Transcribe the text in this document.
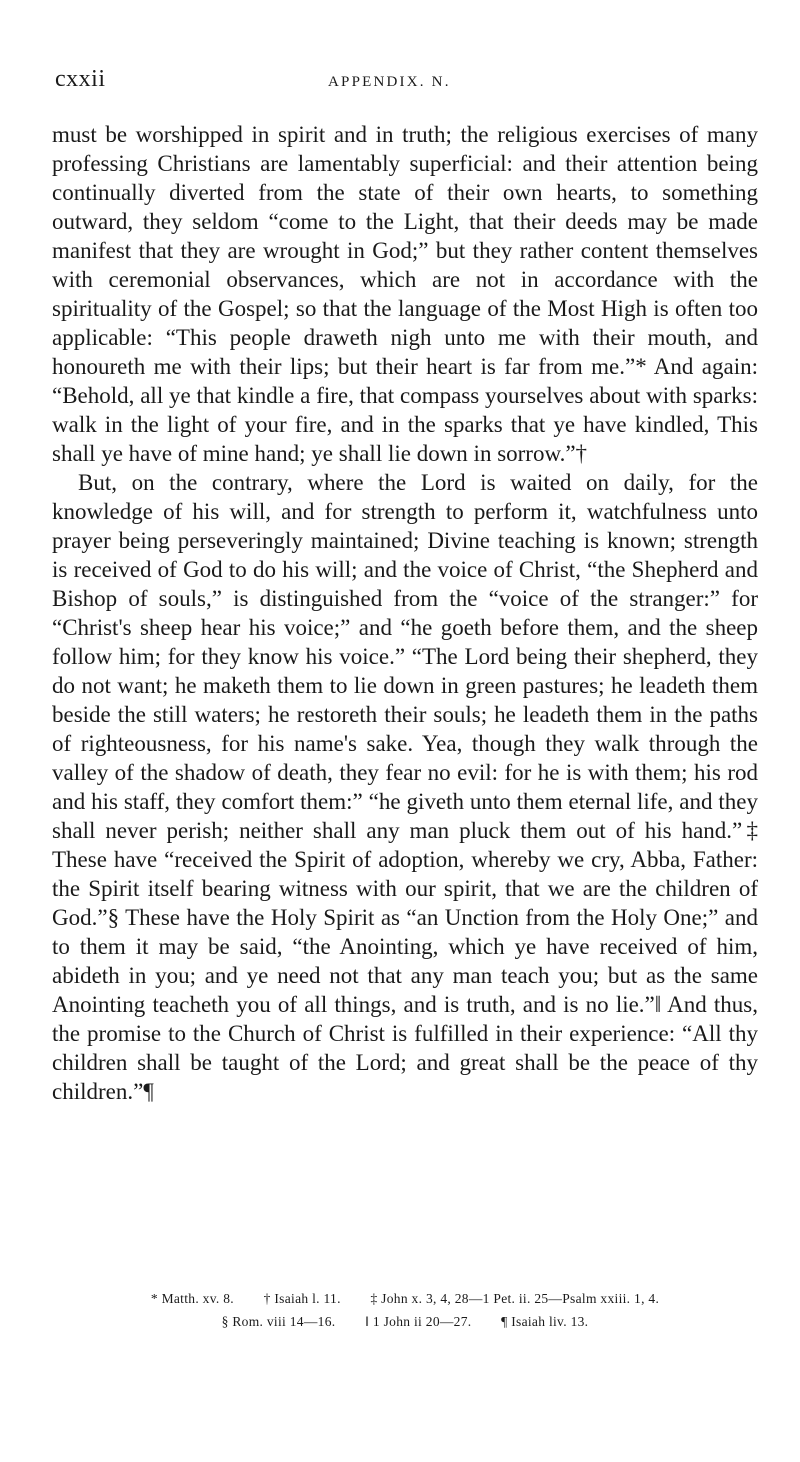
cxxii	APPENDIX. N.

must be worshipped in spirit and in truth; the religious exercises of many professing Christians are lamentably superficial: and their attention being continually diverted from the state of their own hearts, to something outward, they seldom “come to the Light, that their deeds may be made manifest that they are wrought in God;” but they rather content themselves with ceremonial observances, which are not in accordance with the spirituality of the Gospel; so that the language of the Most High is often too applicable: “This people draweth nigh unto me with their mouth, and honoureth me with their lips; but their heart is far from me.”* And again: “Behold, all ye that kindle a fire, that compass yourselves about with sparks: walk in the light of your fire, and in the sparks that ye have kindled, This shall ye have of mine hand; ye shall lie down in sorrow.”†

But, on the contrary, where the Lord is waited on daily, for the knowledge of his will, and for strength to perform it, watchfulness unto prayer being perseveringly maintained; Divine teaching is known; strength is received of God to do his will; and the voice of Christ, “the Shepherd and Bishop of souls,” is distinguished from the “voice of the stranger:” for “Christ's sheep hear his voice;” and “he goeth before them, and the sheep follow him; for they know his voice.” “The Lord being their shepherd, they do not want; he maketh them to lie down in green pastures; he leadeth them beside the still waters; he restoreth their souls; he leadeth them in the paths of righteousness, for his name's sake. Yea, though they walk through the valley of the shadow of death, they fear no evil: for he is with them; his rod and his staff, they comfort them:” “he giveth unto them eternal life, and they shall never perish; neither shall any man pluck them out of his hand.”‡ These have “received the Spirit of adoption, whereby we cry, Abba, Father: the Spirit itself bearing witness with our spirit, that we are the children of God.”§ These have the Holy Spirit as “an Unction from the Holy One;” and to them it may be said, “the Anointing, which ye have received of him, abideth in you; and ye need not that any man teach you; but as the same Anointing teacheth you of all things, and is truth, and is no lie.”‖ And thus, the promise to the Church of Christ is fulfilled in their experience: “All thy children shall be taught of the Lord; and great shall be the peace of thy children.”¶

* Matth. xv. 8. † Isaiah l. 11. ‡ John x. 3, 4, 28—1 Pet. ii. 25—Psalm xxiii. 1, 4.
§ Rom. viii 14—16. ‖ 1 John ii 20—27. ¶ Isaiah liv. 13.
